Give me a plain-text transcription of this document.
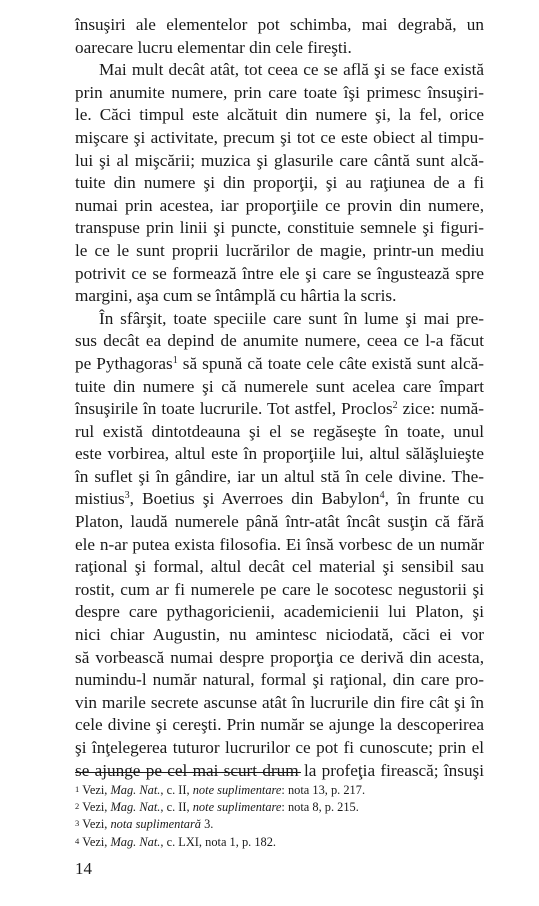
însuşiri ale elementelor pot schimba, mai degrabă, un
oarecare lucru elementar din cele fireşti.
Mai mult decât atât, tot ceea ce se află şi se face există
prin anumite numere, prin care toate îşi primesc însuşiri-
le. Căci timpul este alcătuit din numere şi, la fel, orice
mişcare şi activitate, precum şi tot ce este obiect al timpu-
lui şi al mişcării; muzica şi glasurile care cântă sunt alcă-
tuite din numere şi din proporţii, şi au raţiunea de a fi
numai prin acestea, iar proporţiile ce provin din numere,
transpuse prin linii şi puncte, constituie semnele şi figuri-
le ce le sunt proprii lucrărilor de magie, printr-un mediu
potrivit ce se formează între ele şi care se îngustează spre
margini, aşa cum se întâmplă cu hârtia la scris.
În sfârşit, toate speciile care sunt în lume şi mai pre-
sus decât ea depind de anumite numere, ceea ce l-a făcut
pe Pythagoras$^1$ să spună că toate cele câte există sunt alcă-
tuite din numere şi că numerele sunt acelea care împart
însuşirile în toate lucrurile. Tot astfel, Proclos$^2$ zice: numă-
rul există dintotdeauna şi el se regăseşte în toate, unul
este vorbirea, altul este în proporţiile lui, altul sălăşluieşte
în suflet şi în gândire, iar un altul stă în cele divine. The-
mistius$^3$, Boetius şi Averroes din Babylon$^4$, în frunte cu
Platon, laudă numerele până într-atât încât susţin că fără
ele n-ar putea exista filosofia. Ei însă vorbesc de un număr
raţional şi formal, altul decât cel material şi sensibil sau
rostit, cum ar fi numerele pe care le socotesc negustorii şi
despre care pythagoricienii, academicienii lui Platon, şi
nici chiar Augustin, nu amintesc niciodată, căci ei vor
să vorbească numai despre proporţia ce derivă din acesta,
numindu-l număr natural, formal şi raţional, din care pro-
vin marile secrete ascunse atât în lucrurile din fire cât şi în
cele divine şi cereşti. Prin număr se ajunge la descoperirea
şi înţelegerea tuturor lucrurilor ce pot fi cunoscute; prin el
se ajunge pe cel mai scurt drum la profeţia firească; însuşi
1 Vezi, Mag. Nat., c. II, note suplimentare: nota 13, p. 217.
2 Vezi, Mag. Nat., c. II, note suplimentare: nota 8, p. 215.
3 Vezi, nota suplimentară 3.
4 Vezi, Mag. Nat., c. LXI, nota 1, p. 182.
14
